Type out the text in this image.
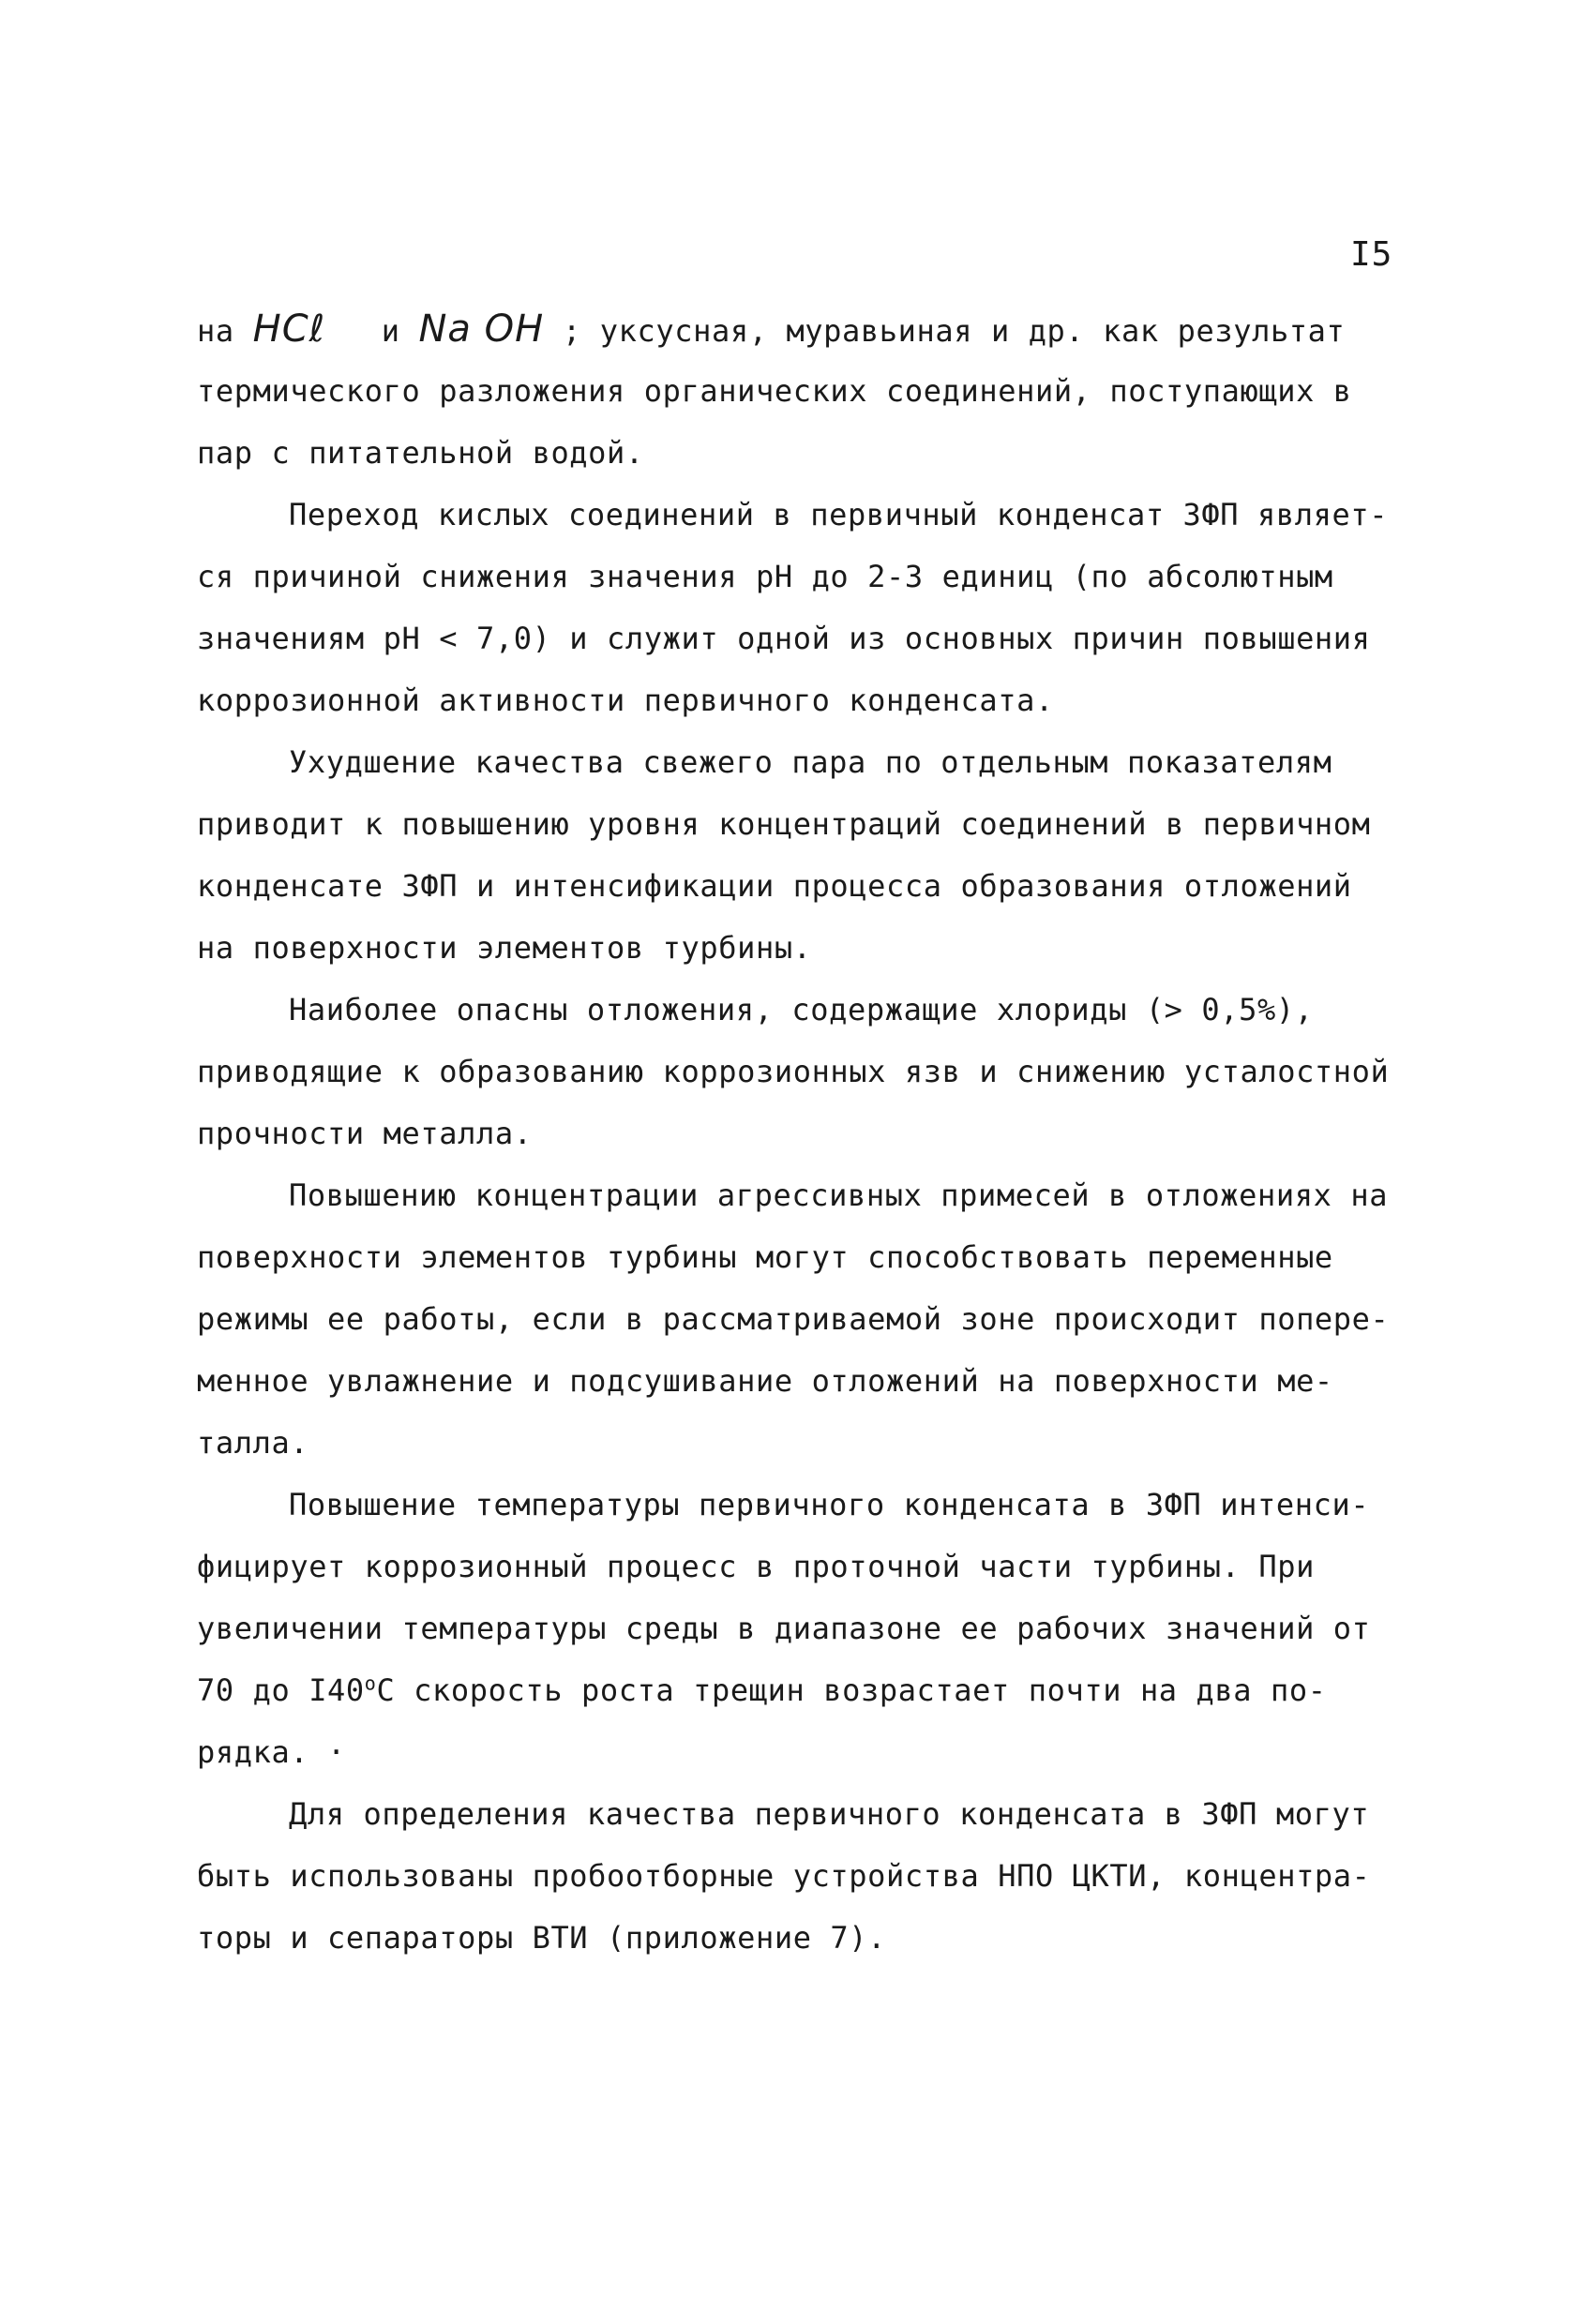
I5
на HCℓ   и Na OH ; уксусная, муравьиная и др. как результат
термического разложения органических соединений, поступающих в
пар с питательной водой.
Переход кислых соединений в первичный конденсат ЗФП являет-
ся причиной снижения значения рН до 2-3 единиц (по абсолютным
значениям рН < 7,0) и служит одной из основных причин повышения
коррозионной активности первичного конденсата.
Ухудшение качества свежего пара по отдельным показателям
приводит к повышению уровня концентраций соединений в первичном
конденсате ЗФП и интенсификации процесса образования отложений
на поверхности элементов турбины.
Наиболее опасны отложения, содержащие хлориды (> 0,5%),
приводящие к образованию коррозионных язв и снижению усталостной
прочности металла.
Повышению концентрации агрессивных примесей в отложениях на
поверхности элементов турбины могут способствовать переменные
режимы ее работы, если в рассматриваемой зоне происходит попере-
менное увлажнение и подсушивание отложений на поверхности ме-
талла.
Повышение температуры первичного конденсата в ЗФП интенси-
фицирует коррозионный процесс в проточной части турбины. При
увеличении температуры среды в диапазоне ее рабочих значений от
70 до $I40^оС$ скорость роста трещин возрастает почти на два по-
рядка. ·
Для определения качества первичного конденсата в ЗФП могут
быть использованы пробоотборные устройства НПО ЦКТИ, концентра-
торы и сепараторы ВТИ (приложение 7).
